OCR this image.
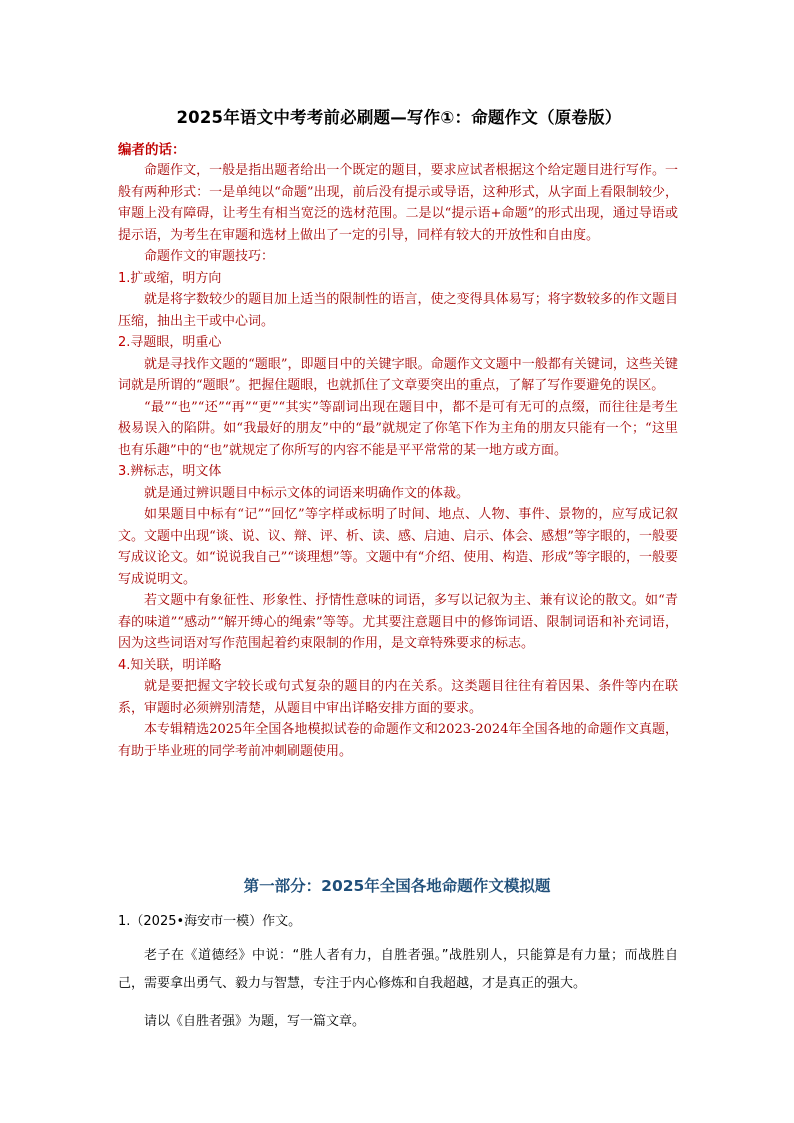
2025年语文中考考前必刷题—写作①：命题作文（原卷版）
编者的话：

命题作文，一般是指出题者给出一个既定的题目，要求应试者根据这个给定题目进行写作。一般有两种形式：一是单纯以“命题”出现，前后没有提示或导语，这种形式，从字面上看限制较少，审题上没有障碍，让考生有相当宽泛的选材范围。二是以“提示语+命题”的形式出现，通过导语或提示语，为考生在审题和选材上做出了一定的引导，同样有较大的开放性和自由度。

命题作文的审题技巧：

1.扩或缩，明方向

就是将字数较少的题目加上适当的限制性的语言，使之变得具体易写；将字数较多的作文题目压缩，抽出主干或中心词。

2.寻题眼，明重心

就是寻找作文题的“题眼”，即题目中的关键字眼。命题作文文题中一般都有关键词，这些关键词就是所谓的“题眼”。把握住题眼，也就抓住了文章要突出的重点，了解了写作要避免的误区。

“最”“也”“还”“再”“更”“其实”等副词出现在题目中，都不是可有无可的点缀，而往往是考生极易误入的陷阱。如“我最好的朋友”中的“最”就规定了你笔下作为主角的朋友只能有一个；“这里也有乐趣”中的“也”就规定了你所写的内容不能是平平常常的某一地方或方面。

3.辨标志，明文体

就是通过辨识题目中标示文体的词语来明确作文的体裁。

如果题目中标有“记”“回忆”等字样或标明了时间、地点、人物、事件、景物的，应写成记叙文。文题中出现“谈、说、议、辩、评、析、读、感、启迪、启示、体会、感想”等字眼的，一般要写成议论文。如“说说我自己”“谈理想”等。文题中有“介绍、使用、构造、形成”等字眼的，一般要写成说明文。

若文题中有象征性、形象性、抒情性意味的词语，多写以记叙为主、兼有议论的散文。如“青春的味道”“感动”“解开缚心的绳索”等等。尤其要注意题目中的修饰词语、限制词语和补充词语，因为这些词语对写作范围起着约束限制的作用，是文章特殊要求的标志。

4.知关联，明详略

就是要把握文字较长或句式复杂的题目的内在关系。这类题目往往有着因果、条件等内在联系，审题时必须辨别清楚，从题目中审出详略安排方面的要求。

本专辑精选2025年全国各地模拟试卷的命题作文和2023-2024年全国各地的命题作文真题，有助于毕业班的同学考前冲刺刷题使用。

第一部分：2025年全国各地命题作文模拟题
1.（2025•海安市一模）作文。

老子在《道德经》中说：“胜人者有力，自胜者强。”战胜别人，只能算是有力量；而战胜自己，需要拿出勇气、毅力与智慧，专注于内心修炼和自我超越，才是真正的强大。

请以《自胜者强》为题，写一篇文章。
